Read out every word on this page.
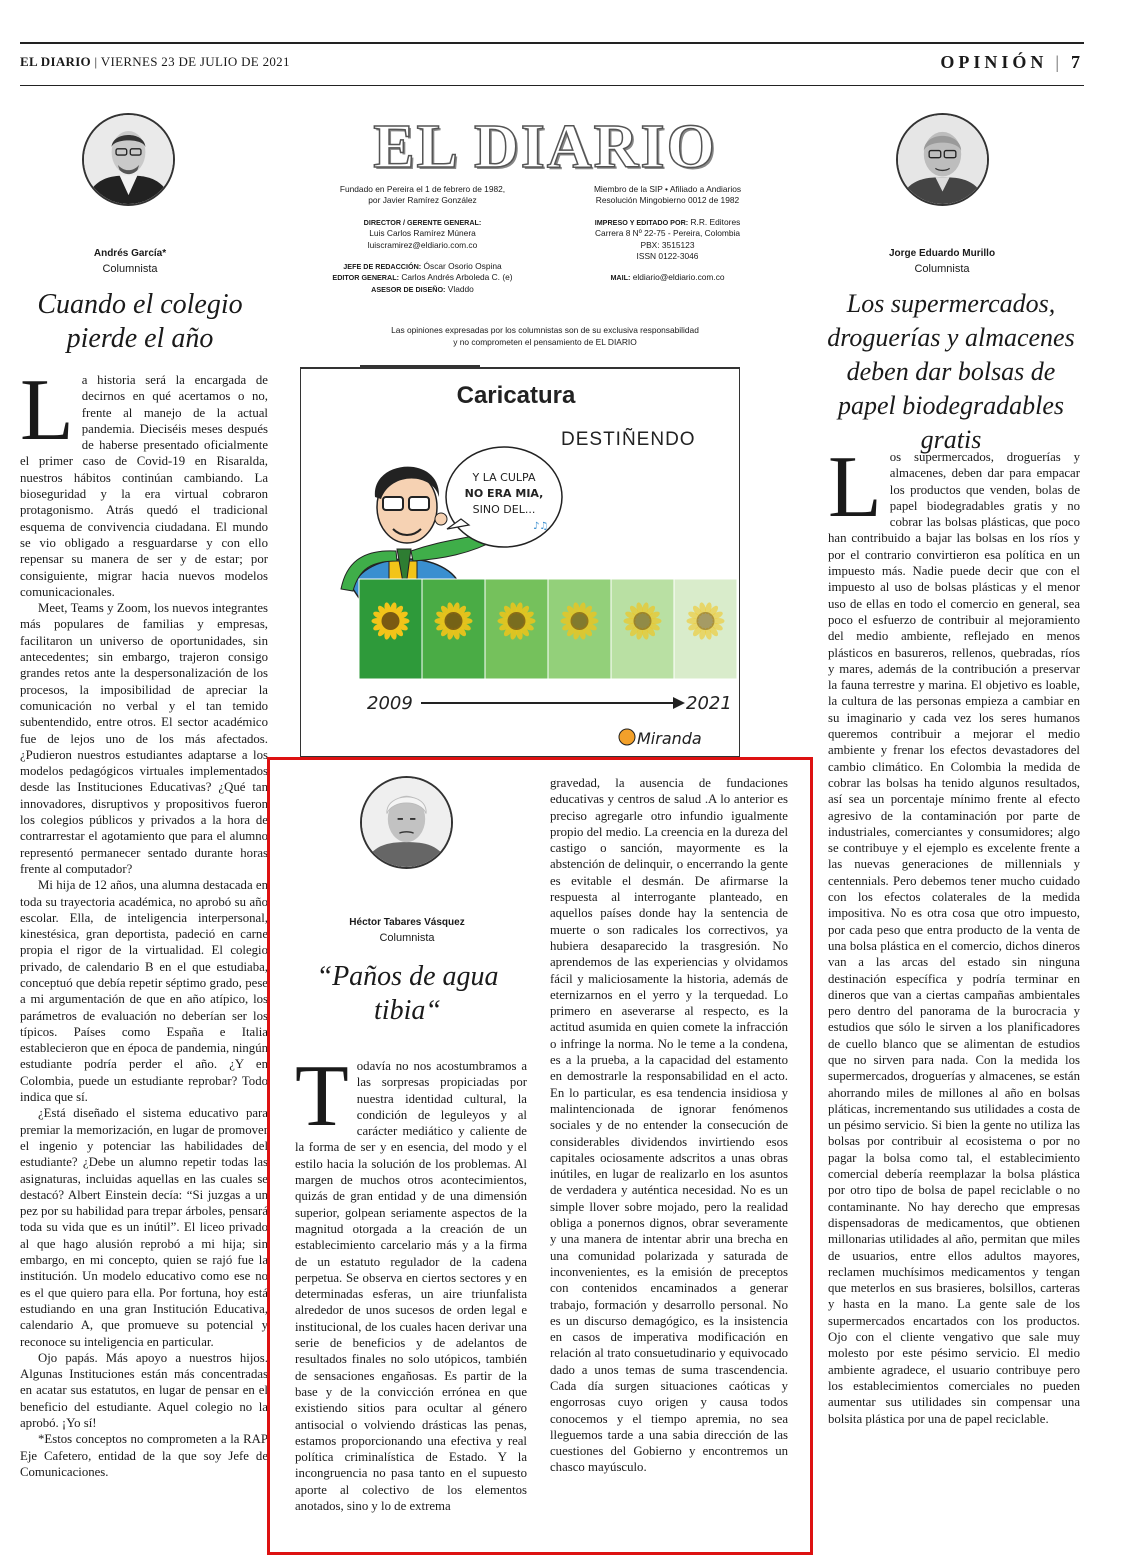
EL DIARIO | VIERNES 23 DE JULIO DE 2021	OPINIÓN | 7
Andrés García*
Columnista
Cuando el colegio pierde el año
L a historia será la encargada de decirnos en qué acertamos o no, frente al manejo de la actual pandemia. Dieciséis meses después de haberse presentado oficialmente el primer caso de Covid-19 en Risaralda, nuestros hábitos continúan cambiando. La bioseguridad y la era virtual cobraron protagonismo. Atrás quedó el tradicional esquema de convivencia ciudadana. El mundo se vio obligado a resguardarse y con ello repensar su manera de ser y de estar; por consiguiente, migrar hacia nuevos modelos comunicacionales.

Meet, Teams y Zoom, los nuevos integrantes más populares de familias y empresas, facilitaron un universo de oportunidades, sin antecedentes; sin embargo, trajeron consigo grandes retos ante la despersonalización de los procesos, la imposibilidad de apreciar la comunicación no verbal y el tan temido subentendido, entre otros. El sector académico fue de lejos uno de los más afectados. ¿Pudieron nuestros estudiantes adaptarse a los modelos pedagógicos virtuales implementados desde las Instituciones Educativas? ¿Qué tan innovadores, disruptivos y propositivos fueron los colegios públicos y privados a la hora de contrarrestar el agotamiento que para el alumno representó permanecer sentado durante horas frente al computador?

Mi hija de 12 años, una alumna destacada en toda su trayectoria académica, no aprobó su año escolar. Ella, de inteligencia interpersonal, kinestésica, gran deportista, padeció en carne propia el rigor de la virtualidad. El colegio privado, de calendario B en el que estudiaba, conceptuó que debía repetir séptimo grado, pese a mi argumentación de que en año atípico, los parámetros de evaluación no deberían ser los típicos. Países como España e Italia establecieron que en época de pandemia, ningún estudiante podría perder el año. ¿Y en Colombia, puede un estudiante reprobar? Todo indica que sí.

¿Está diseñado el sistema educativo para premiar la memorización, en lugar de promover el ingenio y potenciar las habilidades del estudiante? ¿Debe un alumno repetir todas las asignaturas, incluidas aquellas en las cuales se destacó? Albert Einstein decía: “Si juzgas a un pez por su habilidad para trepar árboles, pensará toda su vida que es un inútil”. El liceo privado al que hago alusión reprobó a mi hija; sin embargo, en mi concepto, quien se rajó fue la institución. Un modelo educativo como ese no es el que quiero para ella. Por fortuna, hoy está estudiando en una gran Institución Educativa, calendario A, que promueve su potencial y reconoce su inteligencia en particular.

Ojo papás. Más apoyo a nuestros hijos. Algunas Instituciones están más concentradas en acatar sus estatutos, en lugar de pensar en el beneficio del estudiante. Aquel colegio no la aprobó. ¡Yo sí!

*Estos conceptos no comprometen a la RAP Eje Cafetero, entidad de la que soy Jefe de Comunicaciones.

EL DIARIO
Fundado en Pereira el 1 de febrero de 1982,
por Javier Ramírez González
DIRECTOR / GERENTE GENERAL:
Luis Carlos Ramírez Múnera
luiscramirez@eldiario.com.co
JEFE DE REDACCIÓN: Óscar Osorio Ospina
EDITOR GENERAL: Carlos Andrés Arboleda C. (e)
ASESOR DE DISEÑO: Vladdo
Miembro de la SIP • Afiliado a Andiarios
Resolución Mingobierno 0012 de 1982
IMPRESO Y EDITADO POR: R.R. Editores
Carrera 8 Nº 22-75 - Pereira, Colombia
PBX: 3515123
ISSN 0122-3046
MAIL: eldiario@eldiario.com.co
Las opiniones expresadas por los columnistas son de su exclusiva responsabilidad
y no comprometen el pensamiento de EL DIARIO
Caricatura
DESTIÑENDO
Y LA CULPA
NO ERA MIA,
SINO DEL...
♪♫
2009	2021
Miranda
Jorge Eduardo Murillo
Columnista
Los supermercados, droguerías y almacenes deben dar bolsas de papel biodegradables gratis
L os supermercados, droguerías y almacenes, deben dar para empacar los productos que venden, bolas de papel biodegradables gratis y no cobrar las bolsas plásticas, que poco han contribuido a bajar las bolsas en los ríos y por el contrario convirtieron esa política en un impuesto más. Nadie puede decir que con el impuesto al uso de bolsas plásticas y el menor uso de ellas en todo el comercio en general, sea poco el esfuerzo de contribuir al mejoramiento del medio ambiente, reflejado en menos plásticos en basureros, rellenos, quebradas, ríos y mares, además de la contribución a preservar la fauna terrestre y marina. El objetivo es loable, la cultura de las personas empieza a cambiar en su imaginario y cada vez los seres humanos queremos contribuir a mejorar el medio ambiente y frenar los efectos devastadores del cambio climático. En Colombia la medida de cobrar las bolsas ha tenido algunos resultados, así sea un porcentaje mínimo frente al efecto agresivo de la contaminación por parte de industriales, comerciantes y consumidores; algo se contribuye y el ejemplo es excelente frente a las nuevas generaciones de millennials y centennials. Pero debemos tener mucho cuidado con los efectos colaterales de la medida impositiva. No es otra cosa que otro impuesto, por cada peso que entra producto de la venta de una bolsa plástica en el comercio, dichos dineros van a las arcas del estado sin ninguna destinación específica y podría terminar en dineros que van a ciertas campañas ambientales pero dentro del panorama de la burocracia y estudios que sólo le sirven a los planificadores de cuello blanco que se alimentan de estudios que no sirven para nada. Con la medida los supermercados, droguerías y almacenes, se están ahorrando miles de millones al año en bolsas pláticas, incrementando sus utilidades a costa de un pésimo servicio. Si bien la gente no utiliza las bolsas por contribuir al ecosistema o por no pagar la bolsa como tal, el establecimiento comercial debería reemplazar la bolsa plástica por otro tipo de bolsa de papel reciclable o no contaminante. No hay derecho que empresas dispensadoras de medicamentos, que obtienen millonarias utilidades al año, permitan que miles de usuarios, entre ellos adultos mayores, reclamen muchísimos medicamentos y tengan que meterlos en sus brasieres, bolsillos, carteras y hasta en la mano. La gente sale de los supermercados encartados con los productos. Ojo con el cliente vengativo que sale muy molesto por este pésimo servicio. El medio ambiente agradece, el usuario contribuye pero los establecimientos comerciales no pueden aumentar sus utilidades sin compensar una bolsita plástica por una de papel reciclable.

Héctor Tabares Vásquez
Columnista
“Paños de agua tibia“
T odavía no nos acostumbramos a las sorpresas propiciadas por nuestra identidad cultural, la condición de leguleyos y al carácter mediático y caliente de la forma de ser y en esencia, del modo y el estilo hacia la solución de los problemas. Al margen de muchos otros acontecimientos, quizás de gran entidad y de una dimensión superior, golpean seriamente aspectos de la magnitud otorgada a la creación de un establecimiento carcelario más y a la firma de un estatuto regulador de la cadena perpetua. Se observa en ciertos sectores y en determinadas esferas, un aire triunfalista alrededor de unos sucesos de orden legal e institucional, de los cuales hacen derivar una serie de beneficios y de adelantos de resultados finales no solo utópicos, también de sensaciones engañosas. Es partir de la base y de la convicción errónea en que existiendo sitios para ocultar al género antisocial o volviendo drásticas las penas, estamos proporcionando una efectiva y real política criminalística de Estado. Y la incongruencia no pasa tanto en el supuesto aporte al colectivo de los elementos anotados, sino y lo de extrema

gravedad, la ausencia de fundaciones educativas y centros de salud .A lo anterior es preciso agregarle otro infundio igualmente propio del medio. La creencia en la dureza del castigo o sanción, mayormente es la abstención de delinquir, o encerrando la gente es evitable el desmán. De afirmarse la respuesta al interrogante planteado, en aquellos países donde hay la sentencia de muerte o son radicales los correctivos, ya hubiera desaparecido la trasgresión. No aprendemos de las experiencias y olvidamos fácil y maliciosamente la historia, además de eternizarnos en el yerro y la terquedad. Lo primero en aseverarse al respecto, es la actitud asumida en quien comete la infracción o infringe la norma. No le teme a la condena, es a la prueba, a la capacidad del estamento en demostrarle la responsabilidad en el acto. En lo particular, es esa tendencia insidiosa y malintencionada de ignorar fenómenos sociales y de no entender la consecución de considerables dividendos invirtiendo esos capitales ociosamente adscritos a unas obras inútiles, en lugar de realizarlo en los asuntos de verdadera y auténtica necesidad. No es un simple llover sobre mojado, pero la realidad obliga a ponernos dignos, obrar severamente y una manera de intentar abrir una brecha en una comunidad polarizada y saturada de inconvenientes, es la emisión de preceptos con contenidos encaminados a generar trabajo, formación y desarrollo personal. No es un discurso demagógico, es la insistencia en casos de imperativa modificación en relación al trato consuetudinario y equivocado dado a unos temas de suma trascendencia. Cada día surgen situaciones caóticas y engorrosas cuyo origen y causa todos conocemos y el tiempo apremia, no sea lleguemos tarde a una sabia dirección de las cuestiones del Gobierno y encontremos un chasco mayúsculo.
